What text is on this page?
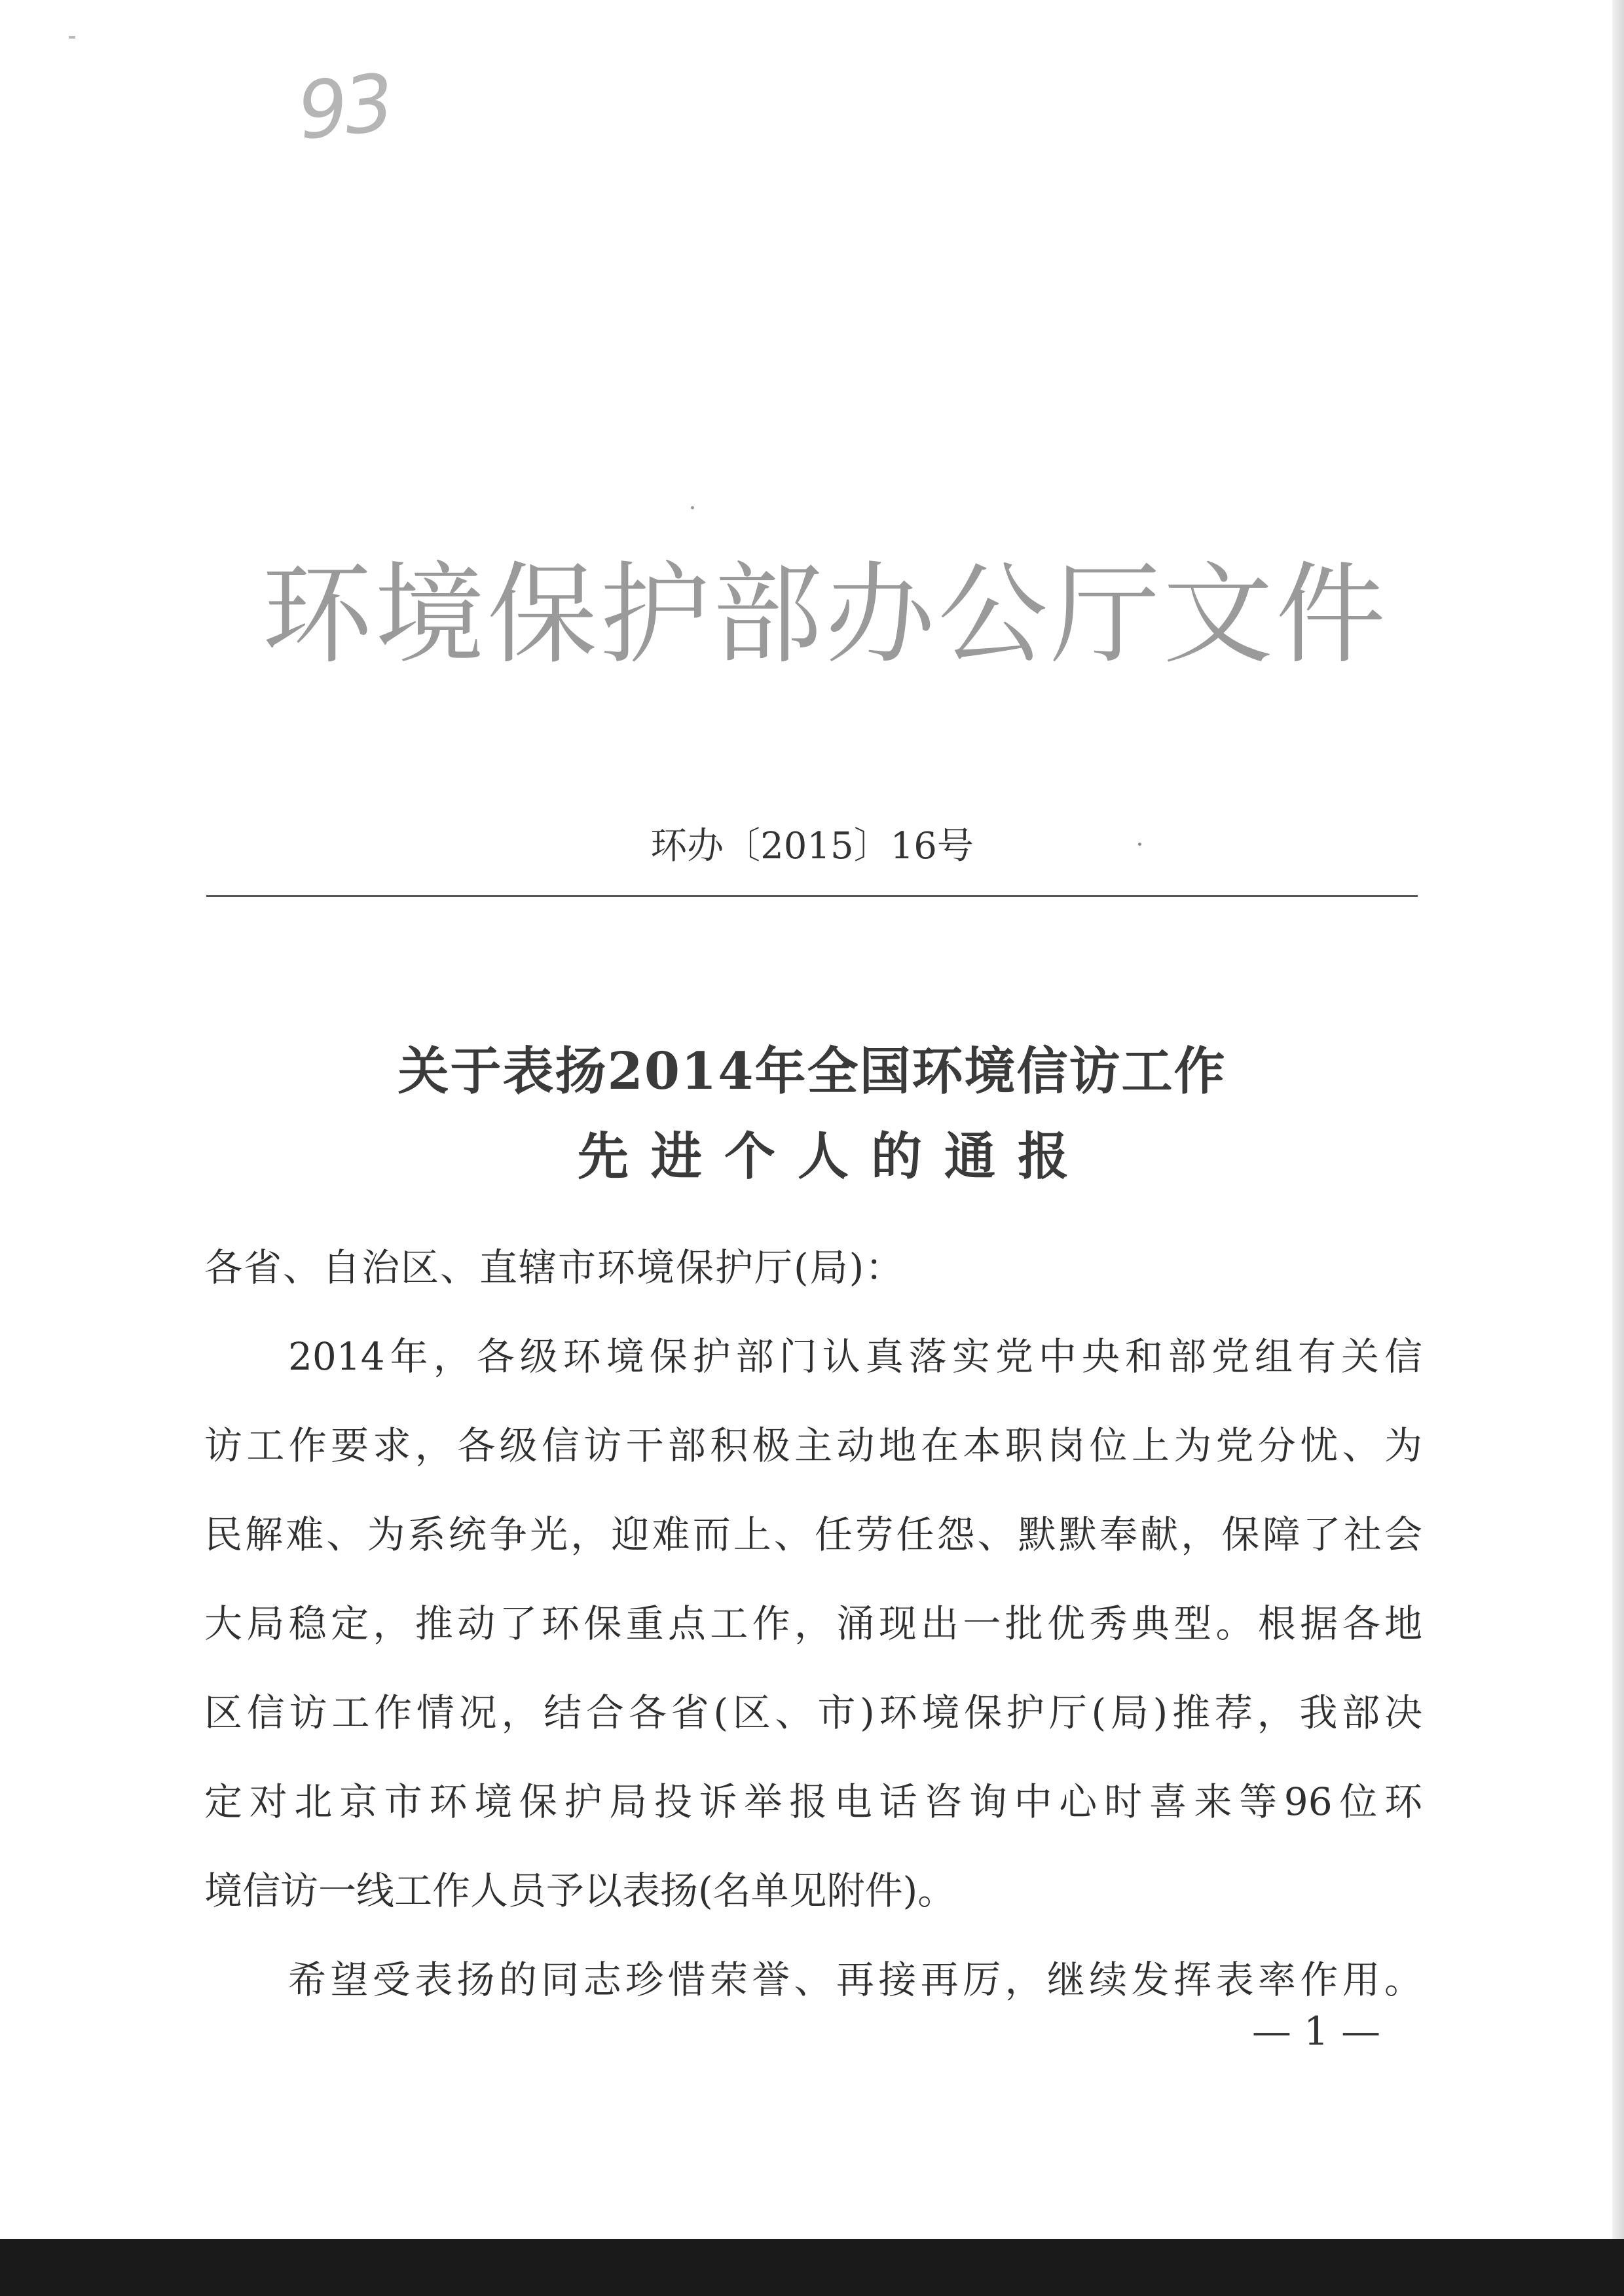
93
环境保护部办公厅文件
环办〔2015〕16号
关于表扬2014年全国环境信访工作
先进个人的通报
各省、自治区、直辖市环境保护厅(局)：
2014年，各级环境保护部门认真落实党中央和部党组有关信
访工作要求，各级信访干部积极主动地在本职岗位上为党分忧、为
民解难、为系统争光，迎难而上、任劳任怨、默默奉献，保障了社会
大局稳定，推动了环保重点工作，涌现出一批优秀典型。根据各地
区信访工作情况，结合各省(区、市)环境保护厅(局)推荐，我部决
定对北京市环境保护局投诉举报电话咨询中心时喜来等96位环
境信访一线工作人员予以表扬(名单见附件)。
希望受表扬的同志珍惜荣誉、再接再厉，继续发挥表率作用。
— 1 —
